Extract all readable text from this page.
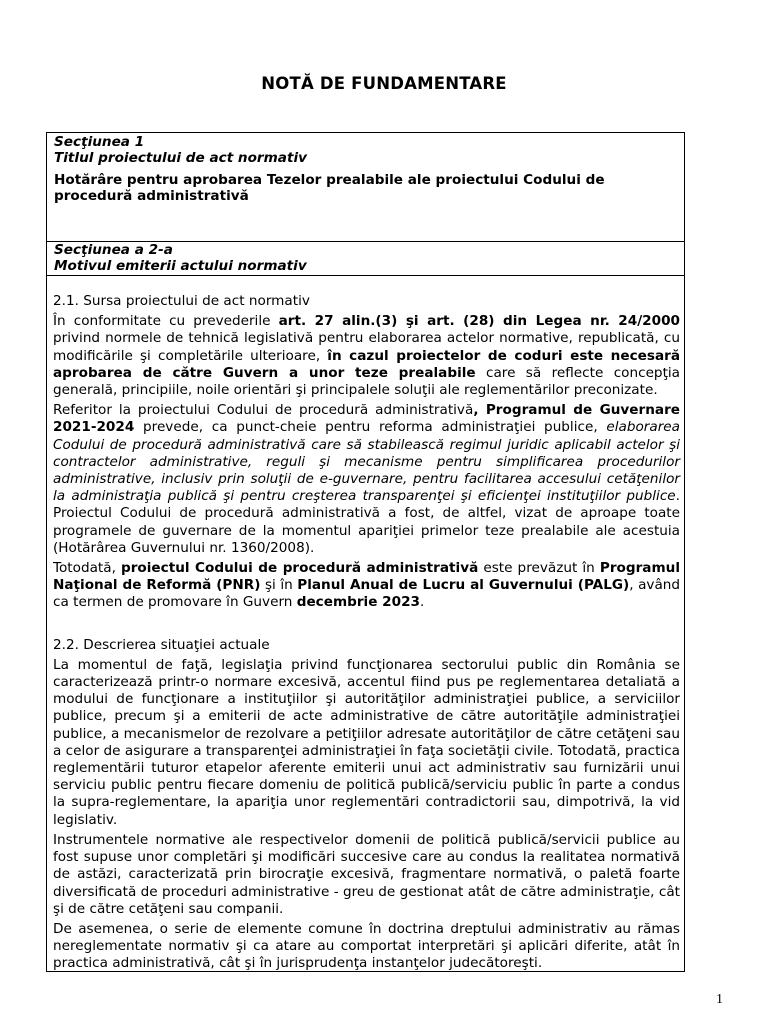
NOTĂ DE FUNDAMENTARE
Secţiunea 1
Titlul proiectului de act normativ
Hotărâre pentru aprobarea Tezelor prealabile ale proiectului Codului de procedură administrativă
Secţiunea a 2-a
Motivul emiterii actului normativ

2.1. Sursa proiectului de act normativ

În conformitate cu prevederile art. 27 alin.(3) şi art. (28) din Legea nr. 24/2000 privind normele de tehnică legislativă pentru elaborarea actelor normative, republicată, cu modificările şi completările ulterioare, în cazul proiectelor de coduri este necesară aprobarea de către Guvern a unor teze prealabile care să reflecte concepţia generală, principiile, noile orientări şi principalele soluţii ale reglementărilor preconizate.

Referitor la proiectului Codului de procedură administrativă, Programul de Guvernare 2021-2024 prevede, ca punct-cheie pentru reforma administraţiei publice, elaborarea Codului de procedură administrativă care să stabilească regimul juridic aplicabil actelor şi contractelor administrative, reguli şi mecanisme pentru simplificarea procedurilor administrative, inclusiv prin soluţii de e-guvernare, pentru facilitarea accesului cetăţenilor la administraţia publică şi pentru creşterea transparenţei şi eficienţei instituţiilor publice. Proiectul Codului de procedură administrativă a fost, de altfel, vizat de aproape toate programele de guvernare de la momentul apariţiei primelor teze prealabile ale acestuia (Hotărârea Guvernului nr. 1360/2008).

Totodată, proiectul Codului de procedură administrativă este prevăzut în Programul Naţional de Reformă (PNR) şi în Planul Anual de Lucru al Guvernului (PALG), având ca termen de promovare în Guvern decembrie 2023.

2.2. Descrierea situaţiei actuale

La momentul de faţă, legislaţia privind funcţionarea sectorului public din România se caracterizează printr-o normare excesivă, accentul fiind pus pe reglementarea detaliată a modului de funcţionare a instituţiilor şi autorităţilor administraţiei publice, a serviciilor publice, precum şi a emiterii de acte administrative de către autorităţile administraţiei publice, a mecanismelor de rezolvare a petiţiilor adresate autorităţilor de către cetăţeni sau a celor de asigurare a transparenţei administraţiei în faţa societăţii civile. Totodată, practica reglementării tuturor etapelor aferente emiterii unui act administrativ sau furnizării unui serviciu public pentru fiecare domeniu de politică publică/serviciu public în parte a condus la supra-reglementare, la apariţia unor reglementări contradictorii sau, dimpotrivă, la vid legislativ.

Instrumentele normative ale respectivelor domenii de politică publică/servicii publice au fost supuse unor completări şi modificări succesive care au condus la realitatea normativă de astăzi, caracterizată prin birocraţie excesivă, fragmentare normativă, o paletă foarte diversificată de proceduri administrative - greu de gestionat atât de către administraţie, cât şi de către cetăţeni sau companii.

De asemenea, o serie de elemente comune în doctrina dreptului administrativ au rămas nereglementate normativ şi ca atare au comportat interpretări şi aplicări diferite, atât în practica administrativă, cât şi în jurisprudenţa instanţelor judecătoreşti.

1
